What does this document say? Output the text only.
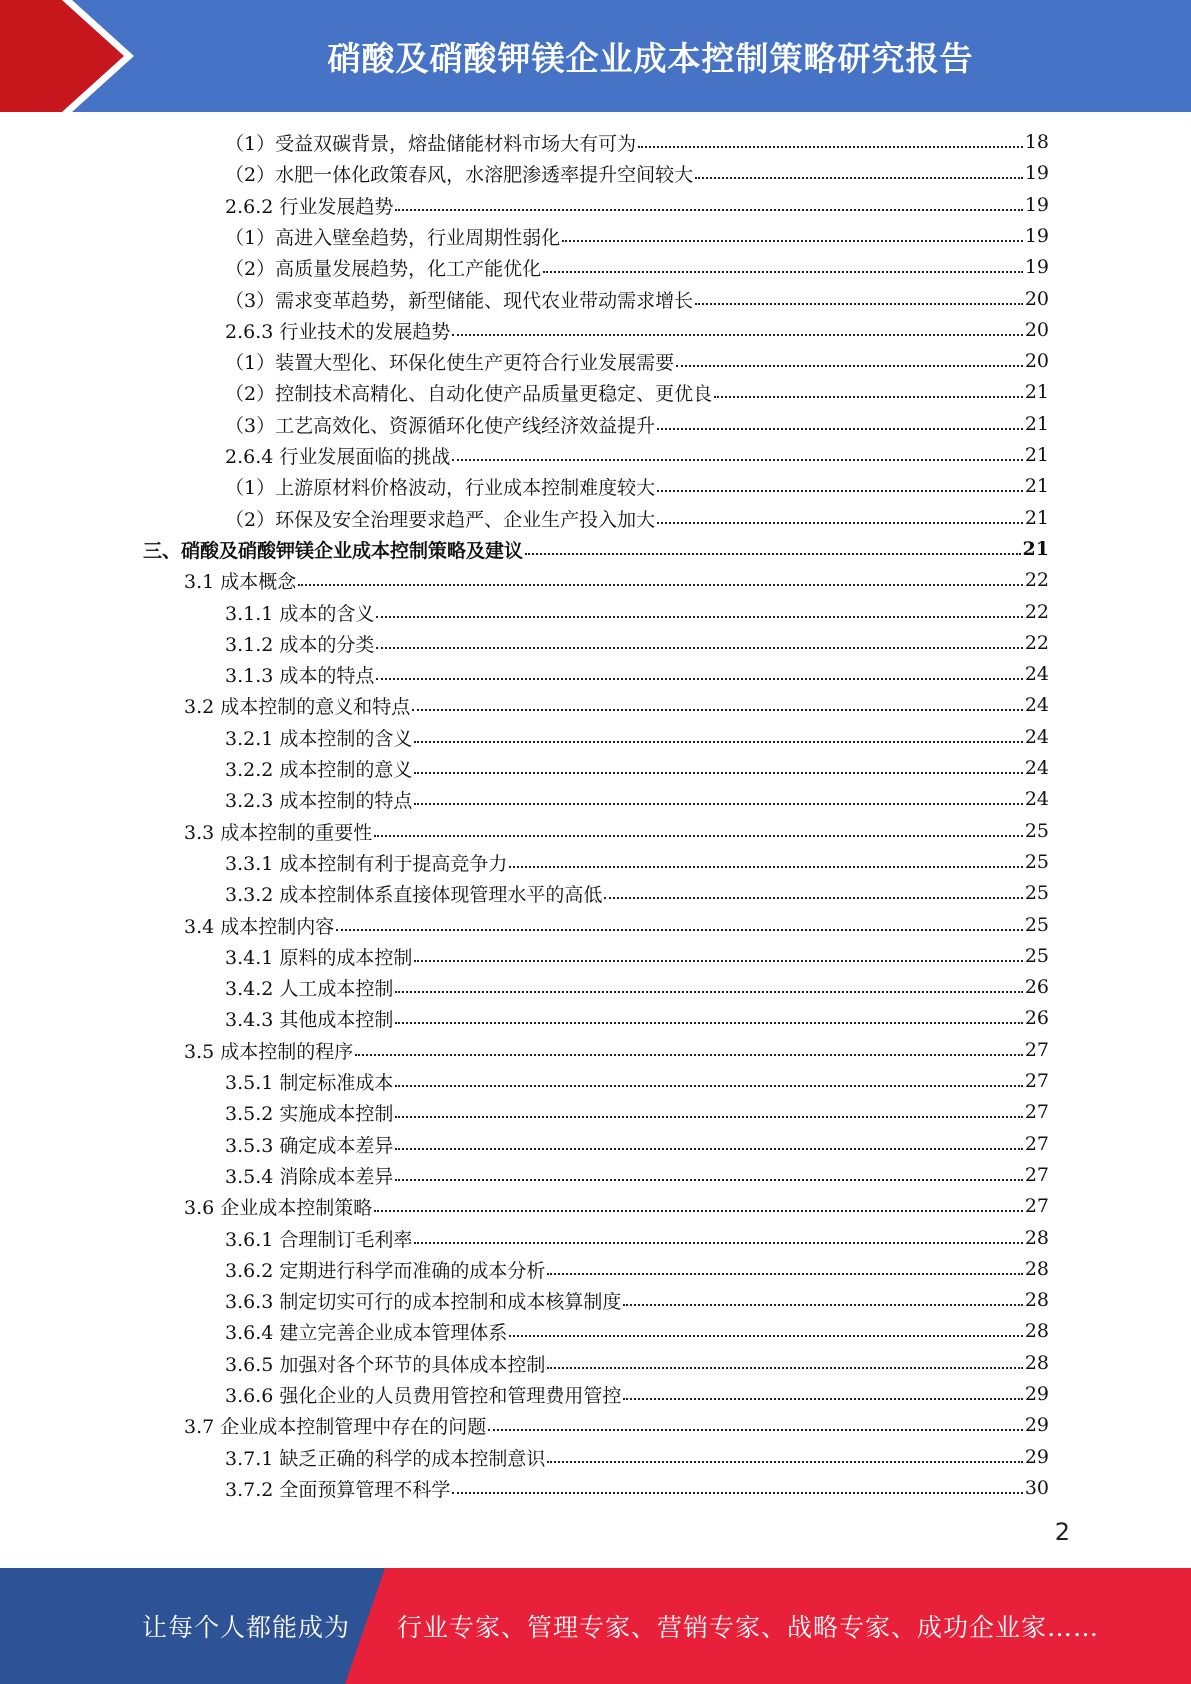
硝酸及硝酸钾镁企业成本控制策略研究报告
（1）受益双碳背景，熔盐储能材料市场大有可为	18
（2）水肥一体化政策春风，水溶肥渗透率提升空间较大	19
2.6.2 行业发展趋势	19
（1）高进入壁垒趋势，行业周期性弱化	19
（2）高质量发展趋势，化工产能优化	19
（3）需求变革趋势，新型储能、现代农业带动需求增长	20
2.6.3 行业技术的发展趋势	20
（1）装置大型化、环保化使生产更符合行业发展需要	20
（2）控制技术高精化、自动化使产品质量更稳定、更优良	21
（3）工艺高效化、资源循环化使产线经济效益提升	21
2.6.4 行业发展面临的挑战	21
（1）上游原材料价格波动，行业成本控制难度较大	21
（2）环保及安全治理要求趋严、企业生产投入加大	21
三、硝酸及硝酸钾镁企业成本控制策略及建议	21
3.1 成本概念	22
3.1.1 成本的含义	22
3.1.2 成本的分类	22
3.1.3 成本的特点	24
3.2 成本控制的意义和特点	24
3.2.1 成本控制的含义	24
3.2.2 成本控制的意义	24
3.2.3 成本控制的特点	24
3.3 成本控制的重要性	25
3.3.1 成本控制有利于提高竞争力	25
3.3.2 成本控制体系直接体现管理水平的高低	25
3.4 成本控制内容	25
3.4.1 原料的成本控制	25
3.4.2 人工成本控制	26
3.4.3 其他成本控制	26
3.5 成本控制的程序	27
3.5.1 制定标准成本	27
3.5.2 实施成本控制	27
3.5.3 确定成本差异	27
3.5.4 消除成本差异	27
3.6 企业成本控制策略	27
3.6.1 合理制订毛利率	28
3.6.2 定期进行科学而准确的成本分析	28
3.6.3 制定切实可行的成本控制和成本核算制度	28
3.6.4 建立完善企业成本管理体系	28
3.6.5 加强对各个环节的具体成本控制	28
3.6.6 强化企业的人员费用管控和管理费用管控	29
3.7 企业成本控制管理中存在的问题	29
3.7.1 缺乏正确的科学的成本控制意识	29
3.7.2 全面预算管理不科学	30
2
让每个人都能成为 行业专家、管理专家、营销专家、战略专家、成功企业家……
